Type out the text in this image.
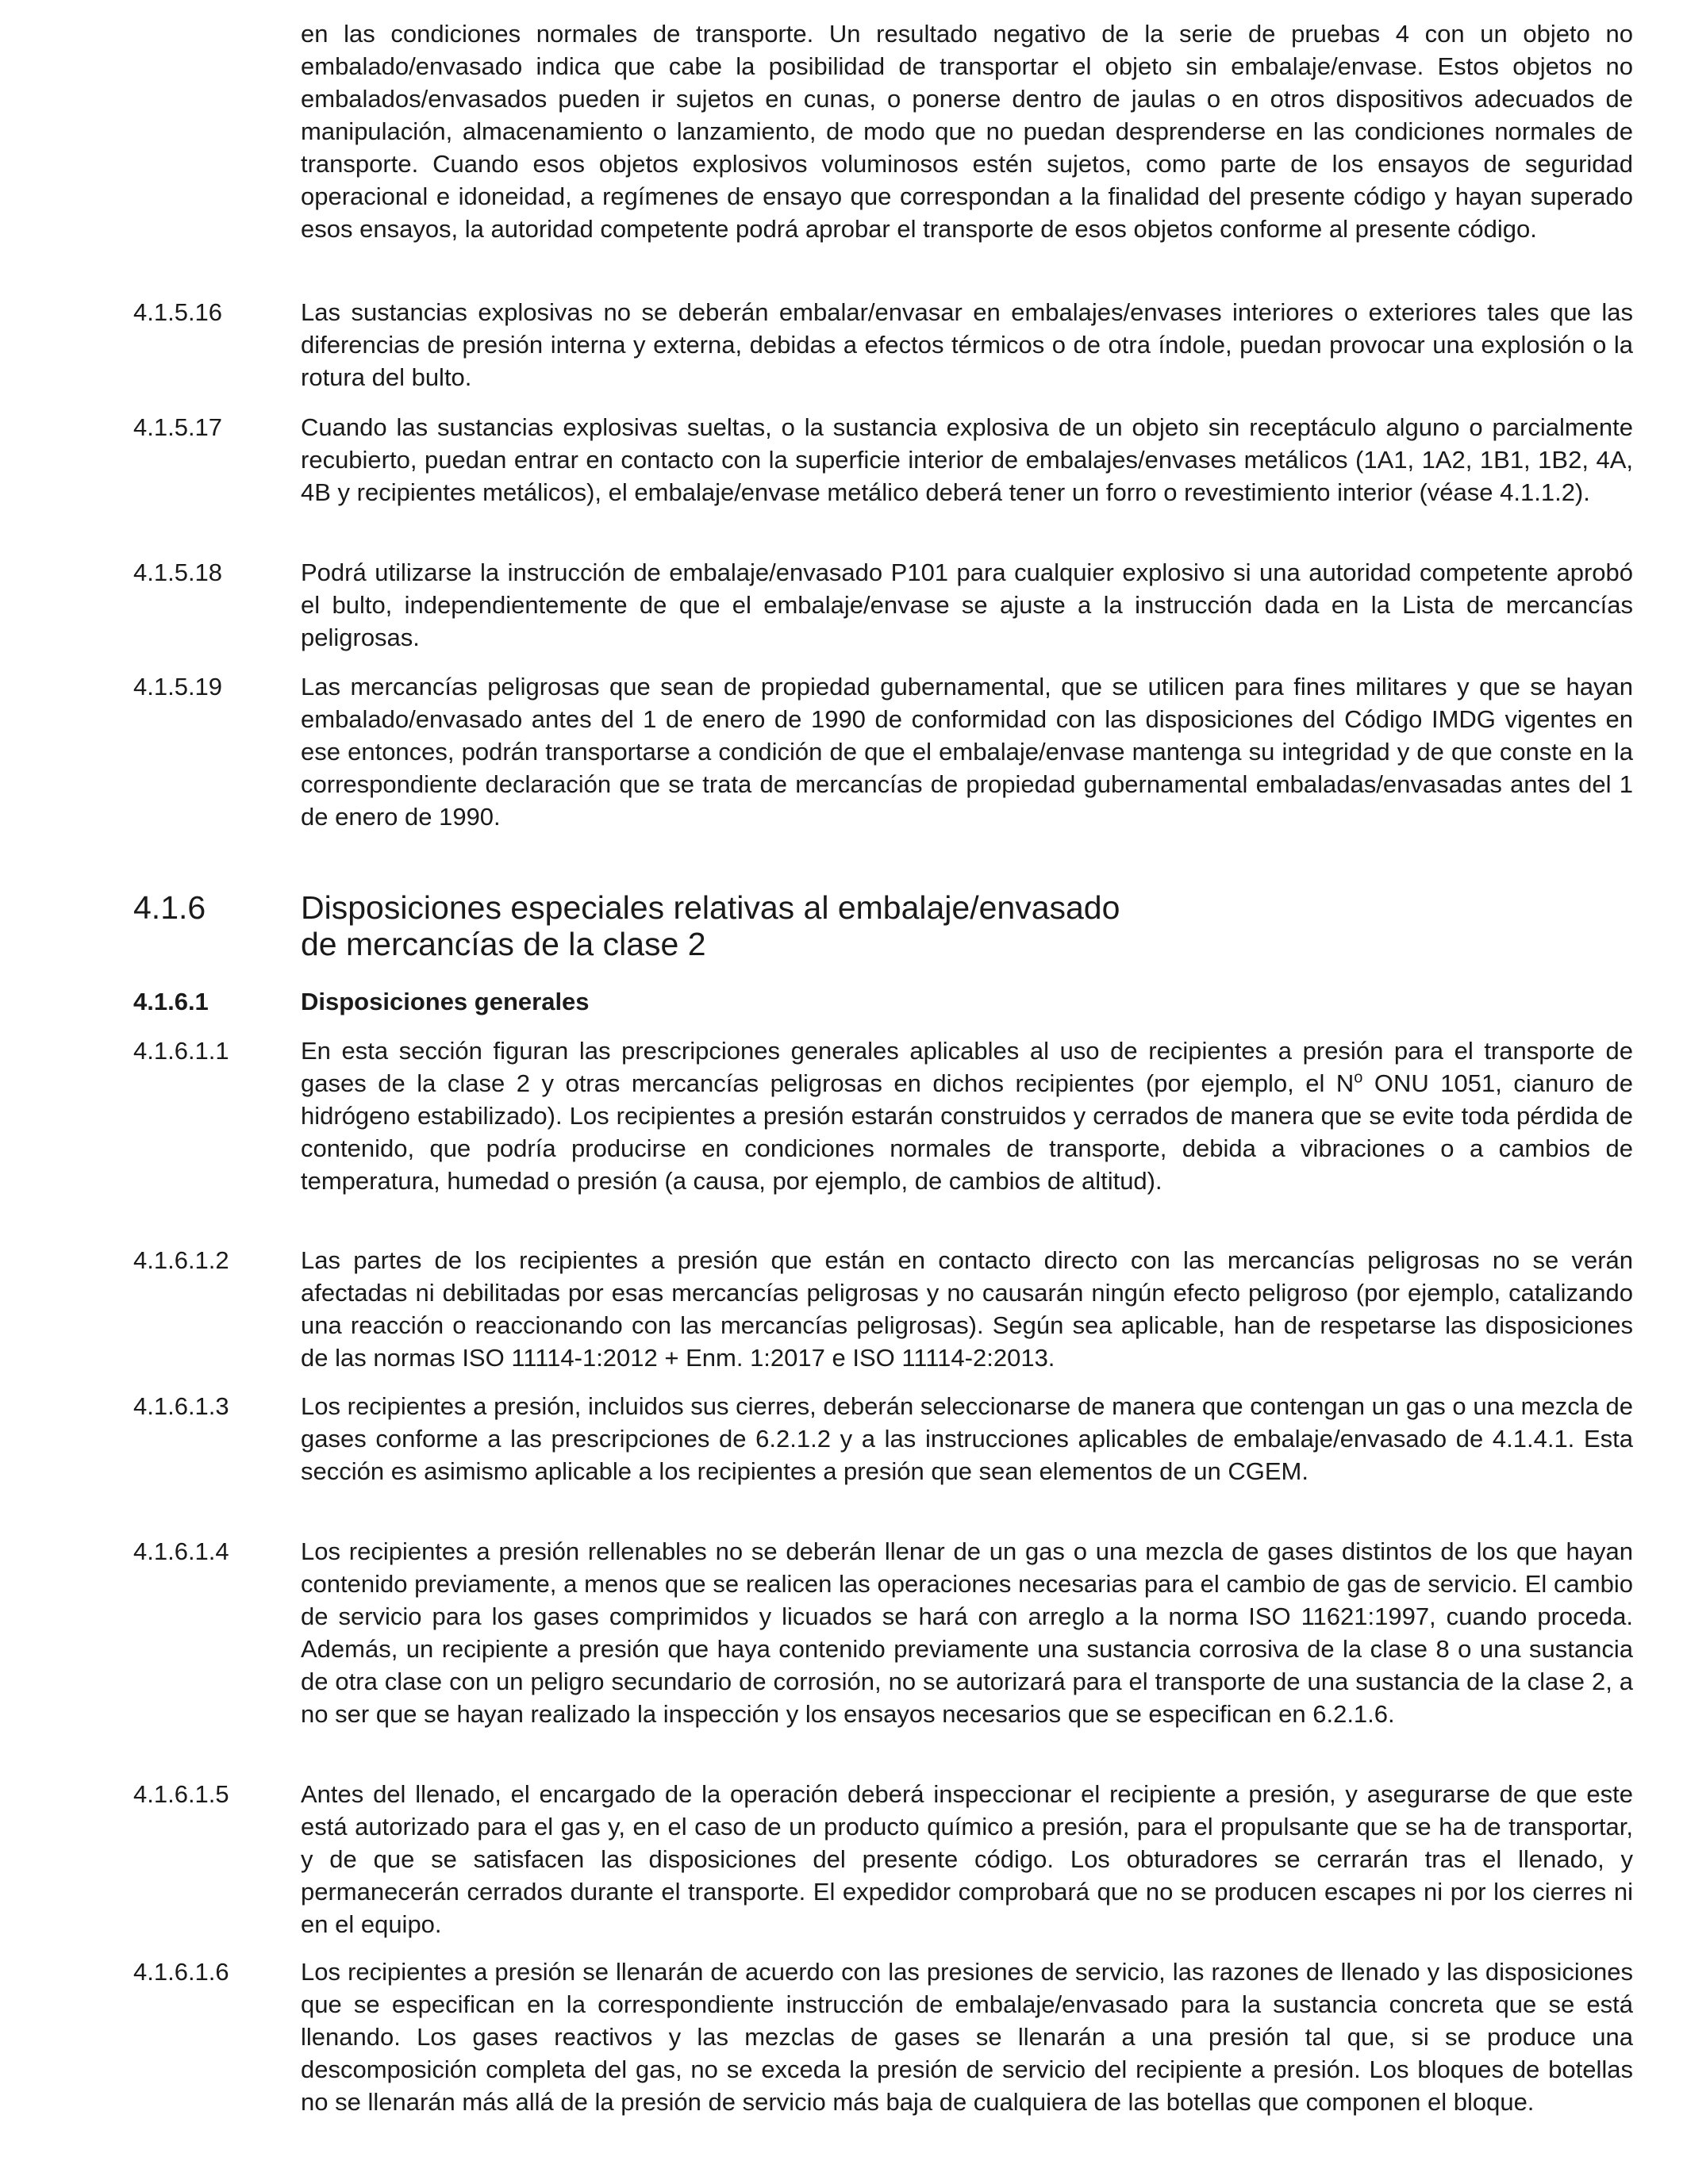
en las condiciones normales de transporte. Un resultado negativo de la serie de pruebas 4 con un objeto no embalado/envasado indica que cabe la posibilidad de transportar el objeto sin embalaje/envase. Estos objetos no embalados/envasados pueden ir sujetos en cunas, o ponerse dentro de jaulas o en otros dispositivos adecuados de manipulación, almacenamiento o lanzamiento, de modo que no puedan desprenderse en las condiciones normales de transporte. Cuando esos objetos explosivos voluminosos estén sujetos, como parte de los ensayos de seguridad operacional e idoneidad, a regímenes de ensayo que correspondan a la finalidad del presente código y hayan superado esos ensayos, la autoridad competente podrá aprobar el transporte de esos objetos conforme al presente código.
4.1.5.16	Las sustancias explosivas no se deberán embalar/envasar en embalajes/envases interiores o exteriores tales que las diferencias de presión interna y externa, debidas a efectos térmicos o de otra índole, puedan provocar una explosión o la rotura del bulto.
4.1.5.17	Cuando las sustancias explosivas sueltas, o la sustancia explosiva de un objeto sin receptáculo alguno o parcialmente recubierto, puedan entrar en contacto con la superficie interior de embalajes/envases metálicos (1A1, 1A2, 1B1, 1B2, 4A, 4B y recipientes metálicos), el embalaje/envase metálico deberá tener un forro o revestimiento interior (véase 4.1.1.2).
4.1.5.18	Podrá utilizarse la instrucción de embalaje/envasado P101 para cualquier explosivo si una autoridad competente aprobó el bulto, independientemente de que el embalaje/envase se ajuste a la instrucción dada en la Lista de mercancías peligrosas.
4.1.5.19	Las mercancías peligrosas que sean de propiedad gubernamental, que se utilicen para fines militares y que se hayan embalado/envasado antes del 1 de enero de 1990 de conformidad con las disposiciones del Código IMDG vigentes en ese entonces, podrán transportarse a condición de que el embalaje/envase mantenga su integridad y de que conste en la correspondiente declaración que se trata de mercancías de propiedad gubernamental embaladas/envasadas antes del 1 de enero de 1990.
4.1.6	Disposiciones especiales relativas al embalaje/envasado
de mercancías de la clase 2
4.1.6.1	Disposiciones generales
4.1.6.1.1	En esta sección figuran las prescripciones generales aplicables al uso de recipientes a presión para el transporte de gases de la clase 2 y otras mercancías peligrosas en dichos recipientes (por ejemplo, el $N^o$ ONU 1051, cianuro de hidrógeno estabilizado). Los recipientes a presión estarán construidos y cerrados de manera que se evite toda pérdida de contenido, que podría producirse en condiciones normales de transporte, debida a vibraciones o a cambios de temperatura, humedad o presión (a causa, por ejemplo, de cambios de altitud).
4.1.6.1.2	Las partes de los recipientes a presión que están en contacto directo con las mercancías peligrosas no se verán afectadas ni debilitadas por esas mercancías peligrosas y no causarán ningún efecto peligroso (por ejemplo, catalizando una reacción o reaccionando con las mercancías peligrosas). Según sea aplicable, han de respetarse las disposiciones de las normas ISO 11114-1:2012 + Enm. 1:2017 e ISO 11114-2:2013.
4.1.6.1.3	Los recipientes a presión, incluidos sus cierres, deberán seleccionarse de manera que contengan un gas o una mezcla de gases conforme a las prescripciones de 6.2.1.2 y a las instrucciones aplicables de embalaje/envasado de 4.1.4.1. Esta sección es asimismo aplicable a los recipientes a presión que sean elementos de un CGEM.
4.1.6.1.4	Los recipientes a presión rellenables no se deberán llenar de un gas o una mezcla de gases distintos de los que hayan contenido previamente, a menos que se realicen las operaciones necesarias para el cambio de gas de servicio. El cambio de servicio para los gases comprimidos y licuados se hará con arreglo a la norma ISO 11621:1997, cuando proceda. Además, un recipiente a presión que haya contenido previamente una sustancia corrosiva de la clase 8 o una sustancia de otra clase con un peligro secundario de corrosión, no se autorizará para el transporte de una sustancia de la clase 2, a no ser que se hayan realizado la inspección y los ensayos necesarios que se especifican en 6.2.1.6.
4.1.6.1.5	Antes del llenado, el encargado de la operación deberá inspeccionar el recipiente a presión, y asegurarse de que este está autorizado para el gas y, en el caso de un producto químico a presión, para el propulsante que se ha de transportar, y de que se satisfacen las disposiciones del presente código. Los obturadores se cerrarán tras el llenado, y permanecerán cerrados durante el transporte. El expedidor comprobará que no se producen escapes ni por los cierres ni en el equipo.
4.1.6.1.6	Los recipientes a presión se llenarán de acuerdo con las presiones de servicio, las razones de llenado y las disposiciones que se especifican en la correspondiente instrucción de embalaje/envasado para la sustancia concreta que se está llenando. Los gases reactivos y las mezclas de gases se llenarán a una presión tal que, si se produce una descomposición completa del gas, no se exceda la presión de servicio del recipiente a presión. Los bloques de botellas no se llenarán más allá de la presión de servicio más baja de cualquiera de las botellas que componen el bloque.
